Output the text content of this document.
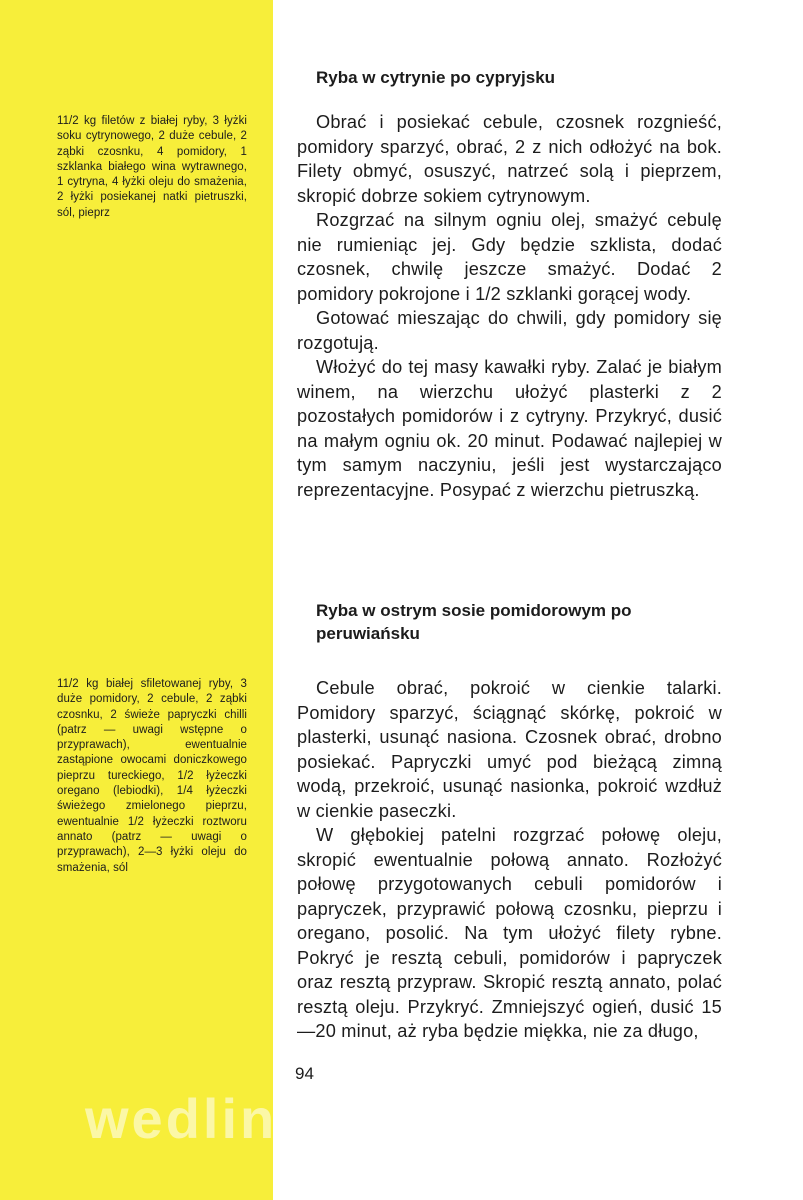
11/2 kg filetów z białej ryby, 3 łyżki soku cytrynowego, 2 duże cebule, 2 ząbki czosnku, 4 pomidory, 1 szklanka białego wina wytrawnego, 1 cytryna, 4 łyżki oleju do smażenia, 2 łyżki posiekanej natki pietruszki, sól, pieprz
Ryba w cytrynie po cypryjsku

Obrać i posiekać cebule, czosnek rozgnieść, pomidory sparzyć, obrać, 2 z nich odłożyć na bok. Filety obmyć, osuszyć, natrzeć solą i pieprzem, skropić dobrze sokiem cytrynowym.

Rozgrzać na silnym ogniu olej, smażyć cebulę nie rumieniąc jej. Gdy będzie szklista, dodać czosnek, chwilę jeszcze smażyć. Dodać 2 pomidory pokrojone i 1/2 szklanki gorącej wody.

Gotować mieszając do chwili, gdy pomidory się rozgotują.

Włożyć do tej masy kawałki ryby. Zalać je białym winem, na wierzchu ułożyć plasterki z 2 pozostałych pomidorów i z cytryny. Przykryć, dusić na małym ogniu ok. 20 minut. Podawać najlepiej w tym samym naczyniu, jeśli jest wystarczająco reprezentacyjne. Posypać z wierzchu pietruszką.

11/2 kg białej sfiletowanej ryby, 3 duże pomidory, 2 cebule, 2 ząbki czosnku, 2 świeże papryczki chilli (patrz — uwagi wstępne o przyprawach), ewentualnie zastąpione owocami doniczkowego pieprzu tureckiego, 1/2 łyżeczki oregano (lebiodki), 1/4 łyżeczki świeżego zmielonego pieprzu, ewentualnie 1/2 łyżeczki roztworu annato (patrz — uwagi o przyprawach), 2—3 łyżki oleju do smażenia, sól
Ryba w ostrym sosie pomidorowym po peruwiańsku

Cebule obrać, pokroić w cienkie talarki. Pomidory sparzyć, ściągnąć skórkę, pokroić w plasterki, usunąć nasiona. Czosnek obrać, drobno posiekać. Papryczki umyć pod bieżącą zimną wodą, przekroić, usunąć nasionka, pokroić wzdłuż w cienkie paseczki.

W głębokiej patelni rozgrzać połowę oleju, skropić ewentualnie połową annato. Rozłożyć połowę przygotowanych cebuli pomidorów i papryczek, przyprawić połową czosnku, pieprzu i oregano, posolić. Na tym ułożyć filety rybne. Pokryć je resztą cebuli, pomidorów i papryczek oraz resztą przypraw. Skropić resztą annato, polać resztą oleju. Przykryć. Zmniejszyć ogień, dusić 15—20 minut, aż ryba będzie miękka, nie za długo,

94
wedlinydomowe.pl
